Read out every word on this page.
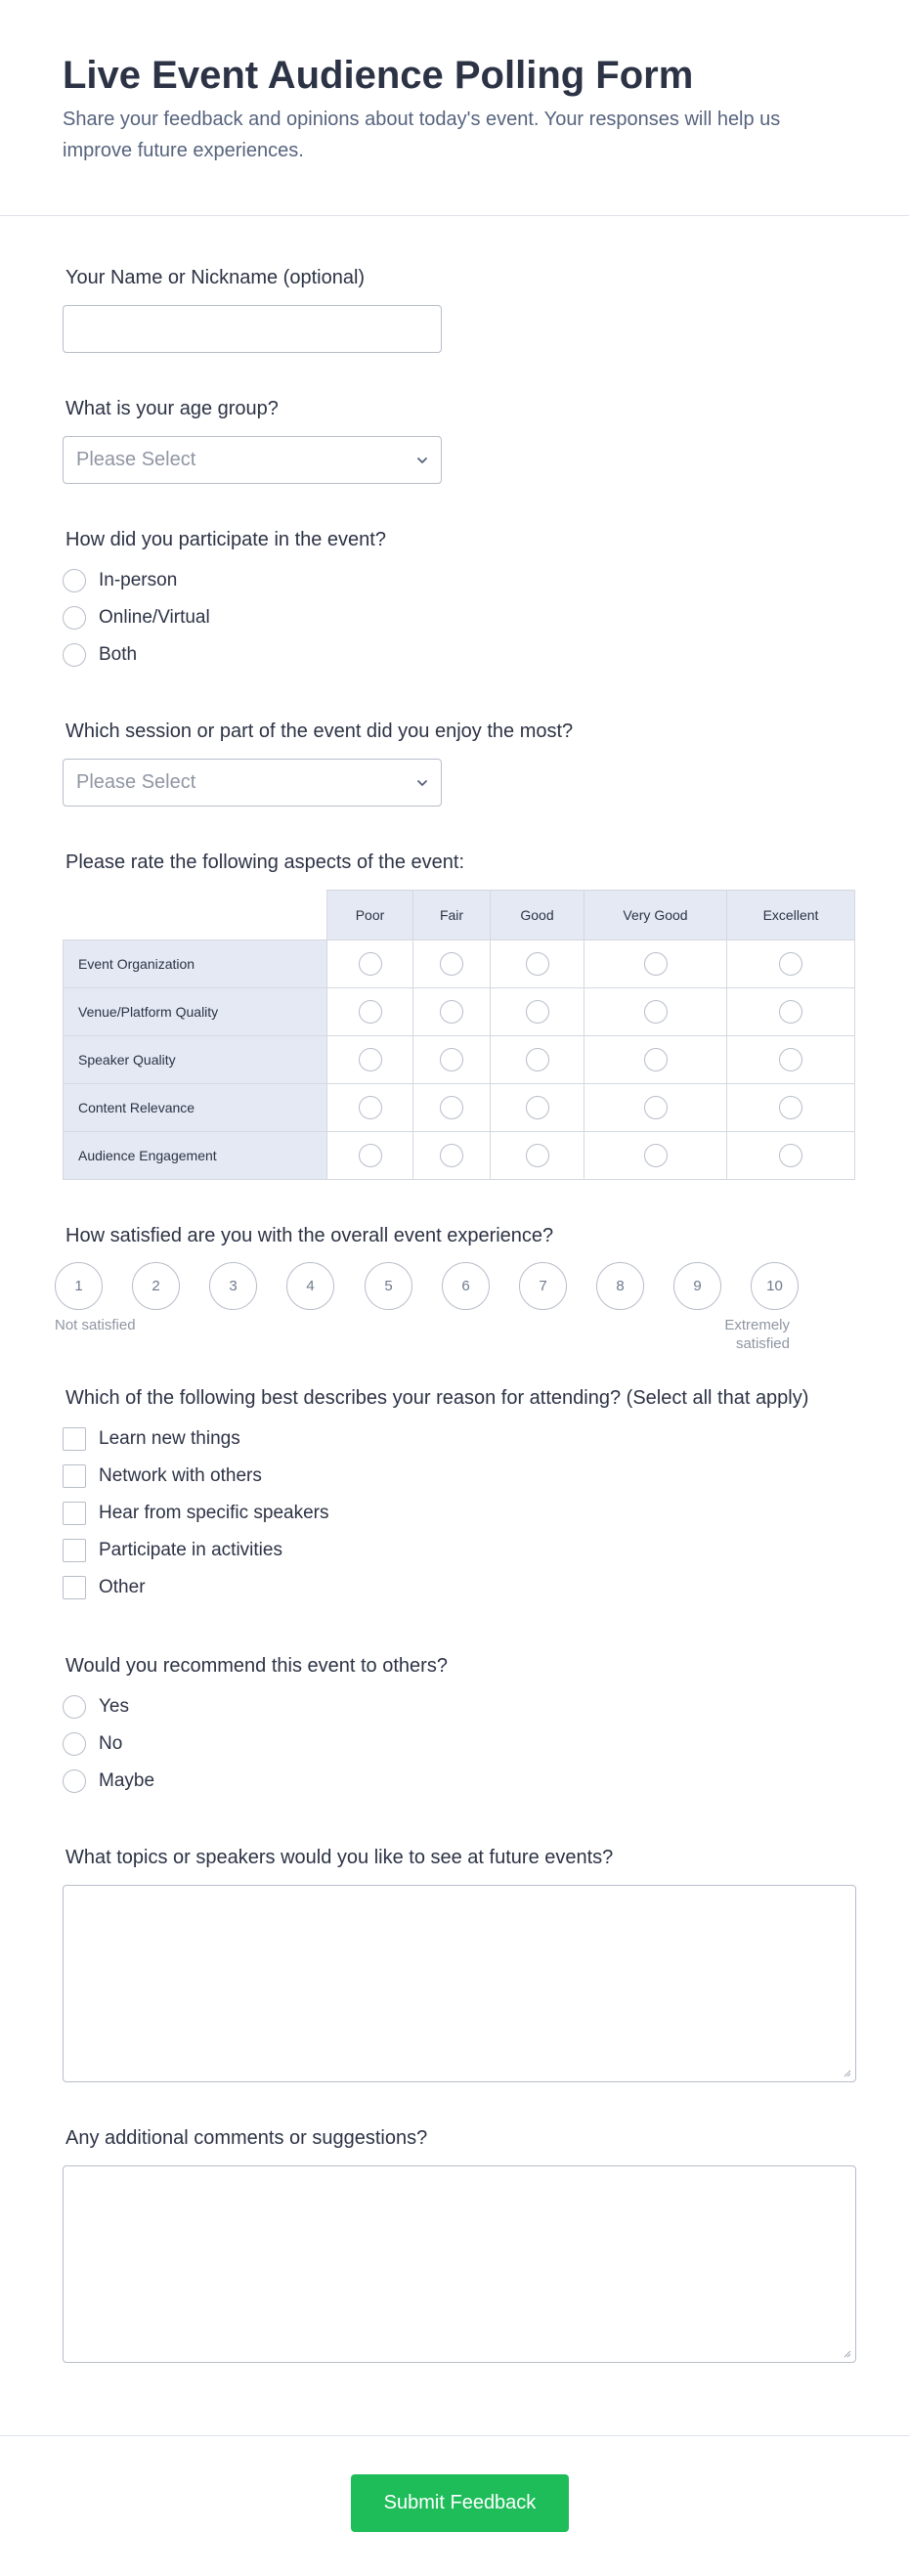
Live Event Audience Polling Form

Share your feedback and opinions about today's event. Your responses will help us improve future experiences.

Your Name or Nickname (optional)
What is your age group?
Please Select
How did you participate in the event?
In-person
Online/Virtual
Both
Which session or part of the event did you enjoy the most?
Please Select
Please rate the following aspects of the event:
	Poor	Fair	Good	Very Good	Excellent
Event Organization					
Venue/Platform Quality					
Speaker Quality					
Content Relevance					
Audience Engagement					
How satisfied are you with the overall event experience?
1	2	3	4	5	6	7	8	9	10
Not satisfied	Extremely
satisfied
Which of the following best describes your reason for attending? (Select all that apply)
Learn new things
Network with others
Hear from specific speakers
Participate in activities
Other
Would you recommend this event to others?
Yes
No
Maybe
What topics or speakers would you like to see at future events?
Any additional comments or suggestions?
Submit Feedback
